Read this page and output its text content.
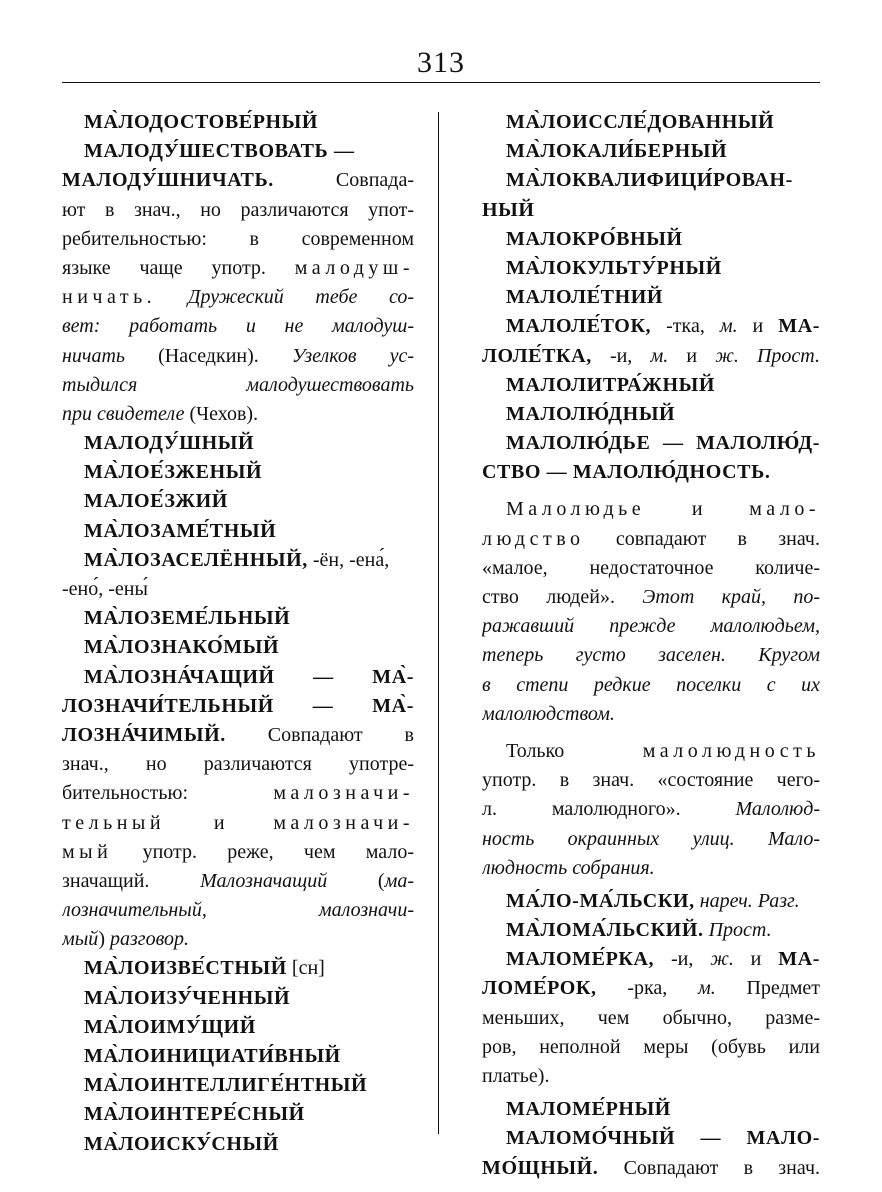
313
МА̀ЛОДОСТОВЕ́РНЫЙ
МАЛОДУ́ШЕСТВОВАТЬ —
МАЛОДУ́ШНИЧАТЬ. Совпада-
ют в знач., но различаются упот-
ребительностью: в современном
языке чаще употр. малодуш-
ничать. Дружеский тебе со-
вет: работать и не малодуш-
ничать (Наседкин). Узелков ус-
тыдился малодушествовать
при свидетеле (Чехов).
МАЛОДУ́ШНЫЙ
МА̀ЛОЕ́ЗЖЕНЫЙ
МАЛОЕ́ЗЖИЙ
МА̀ЛОЗАМЕ́ТНЫЙ
МА̀ЛОЗАСЕЛЁННЫЙ, -ён, -ена́,
-ено́, -ены́
МА̀ЛОЗЕМЕ́ЛЬНЫЙ
МА̀ЛОЗНАКО́МЫЙ
МА̀ЛОЗНА́ЧАЩИЙ — МА̀-
ЛОЗНАЧИ́ТЕЛЬНЫЙ — МА̀-
ЛОЗНА́ЧИМЫЙ. Совпадают в
знач., но различаются употре-
бительностью: малозначи-
тельный и малозначи-
мый употр. реже, чем мало-
значащий. Малозначащий (ма-
лозначительный, малозначи-
мый) разговор.
МА̀ЛОИЗВЕ́СТНЫЙ [сн]
МА̀ЛОИЗУ́ЧЕННЫЙ
МА̀ЛОИМУ́ЩИЙ
МА̀ЛОИНИЦИАТИ́ВНЫЙ
МА̀ЛОИНТЕЛЛИГЕ́НТНЫЙ
МА̀ЛОИНТЕРЕ́СНЫЙ
МА̀ЛОИСКУ́СНЫЙ
МА̀ЛОИССЛЕ́ДОВАННЫЙ
МА̀ЛОКАЛИ́БЕРНЫЙ
МА̀ЛОКВАЛИФИЦИ́РОВАН-
НЫЙ
МАЛОКРО́ВНЫЙ
МА̀ЛОКУЛЬТУ́РНЫЙ
МАЛОЛЕ́ТНИЙ
МАЛОЛЕ́ТОК, -тка, м. и МА-
ЛОЛЕ́ТКА, -и, м. и ж. Прост.
МАЛОЛИТРА́ЖНЫЙ
МАЛОЛЮ́ДНЫЙ
МАЛОЛЮ́ДЬЕ — МАЛОЛЮ́Д-
СТВО — МАЛОЛЮ́ДНОСТЬ.
Малолюдье и мало-
людство совпадают в знач.
«малое, недостаточное количе-
ство людей». Этот край, по-
ражавший прежде малолюдьем,
теперь густо заселен. Кругом
в степи редкие поселки с их
малолюдством.
Только малолюдность
употр. в знач. «состояние чего-
л. малолюдного». Малолюд-
ность окраинных улиц. Мало-
людность собрания.
МА́ЛО-МА́ЛЬСКИ, нареч. Разг.
МА̀ЛОМА́ЛЬСКИЙ. Прост.
МАЛОМЕ́РКА, -и, ж. и МА-
ЛОМЕ́РОК, -рка, м. Предмет
меньших, чем обычно, разме-
ров, неполной меры (обувь или
платье).
МАЛОМЕ́РНЫЙ
МАЛОМО́ЧНЫЙ — МАЛО-
МО́ЩНЫЙ. Совпадают в знач.
